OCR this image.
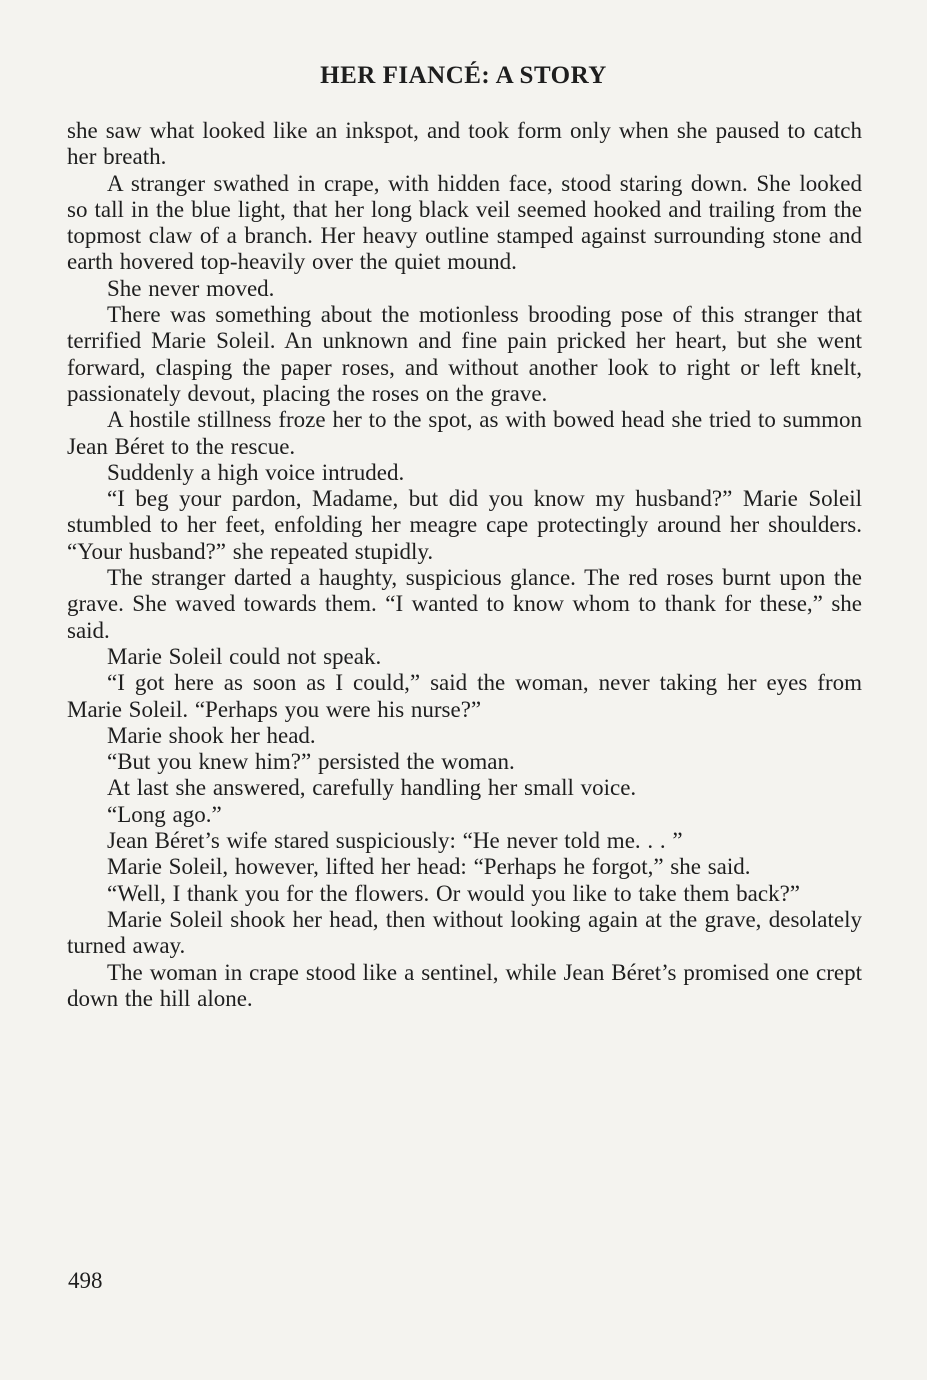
HER FIANCÉ: A STORY

she saw what looked like an inkspot, and took form only when she paused to catch her breath.

A stranger swathed in crape, with hidden face, stood staring down. She looked so tall in the blue light, that her long black veil seemed hooked and trailing from the topmost claw of a branch. Her heavy outline stamped against surrounding stone and earth hovered top-heavily over the quiet mound.

She never moved.

There was something about the motionless brooding pose of this stranger that terrified Marie Soleil. An unknown and fine pain pricked her heart, but she went forward, clasping the paper roses, and without another look to right or left knelt, passionately devout, placing the roses on the grave.

A hostile stillness froze her to the spot, as with bowed head she tried to summon Jean Béret to the rescue.

Suddenly a high voice intruded.

“I beg your pardon, Madame, but did you know my husband?” Marie Soleil stumbled to her feet, enfolding her meagre cape protectingly around her shoulders. “Your husband?” she repeated stupidly.

The stranger darted a haughty, suspicious glance. The red roses burnt upon the grave. She waved towards them. “I wanted to know whom to thank for these,” she said.

Marie Soleil could not speak.

“I got here as soon as I could,” said the woman, never taking her eyes from Marie Soleil. “Perhaps you were his nurse?”

Marie shook her head.

“But you knew him?” persisted the woman.

At last she answered, carefully handling her small voice.

“Long ago.”

Jean Béret’s wife stared suspiciously: “He never told me. . . ”

Marie Soleil, however, lifted her head: “Perhaps he forgot,” she said.

“Well, I thank you for the flowers. Or would you like to take them back?”

Marie Soleil shook her head, then without looking again at the grave, desolately turned away.

The woman in crape stood like a sentinel, while Jean Béret’s promised one crept down the hill alone.

498
